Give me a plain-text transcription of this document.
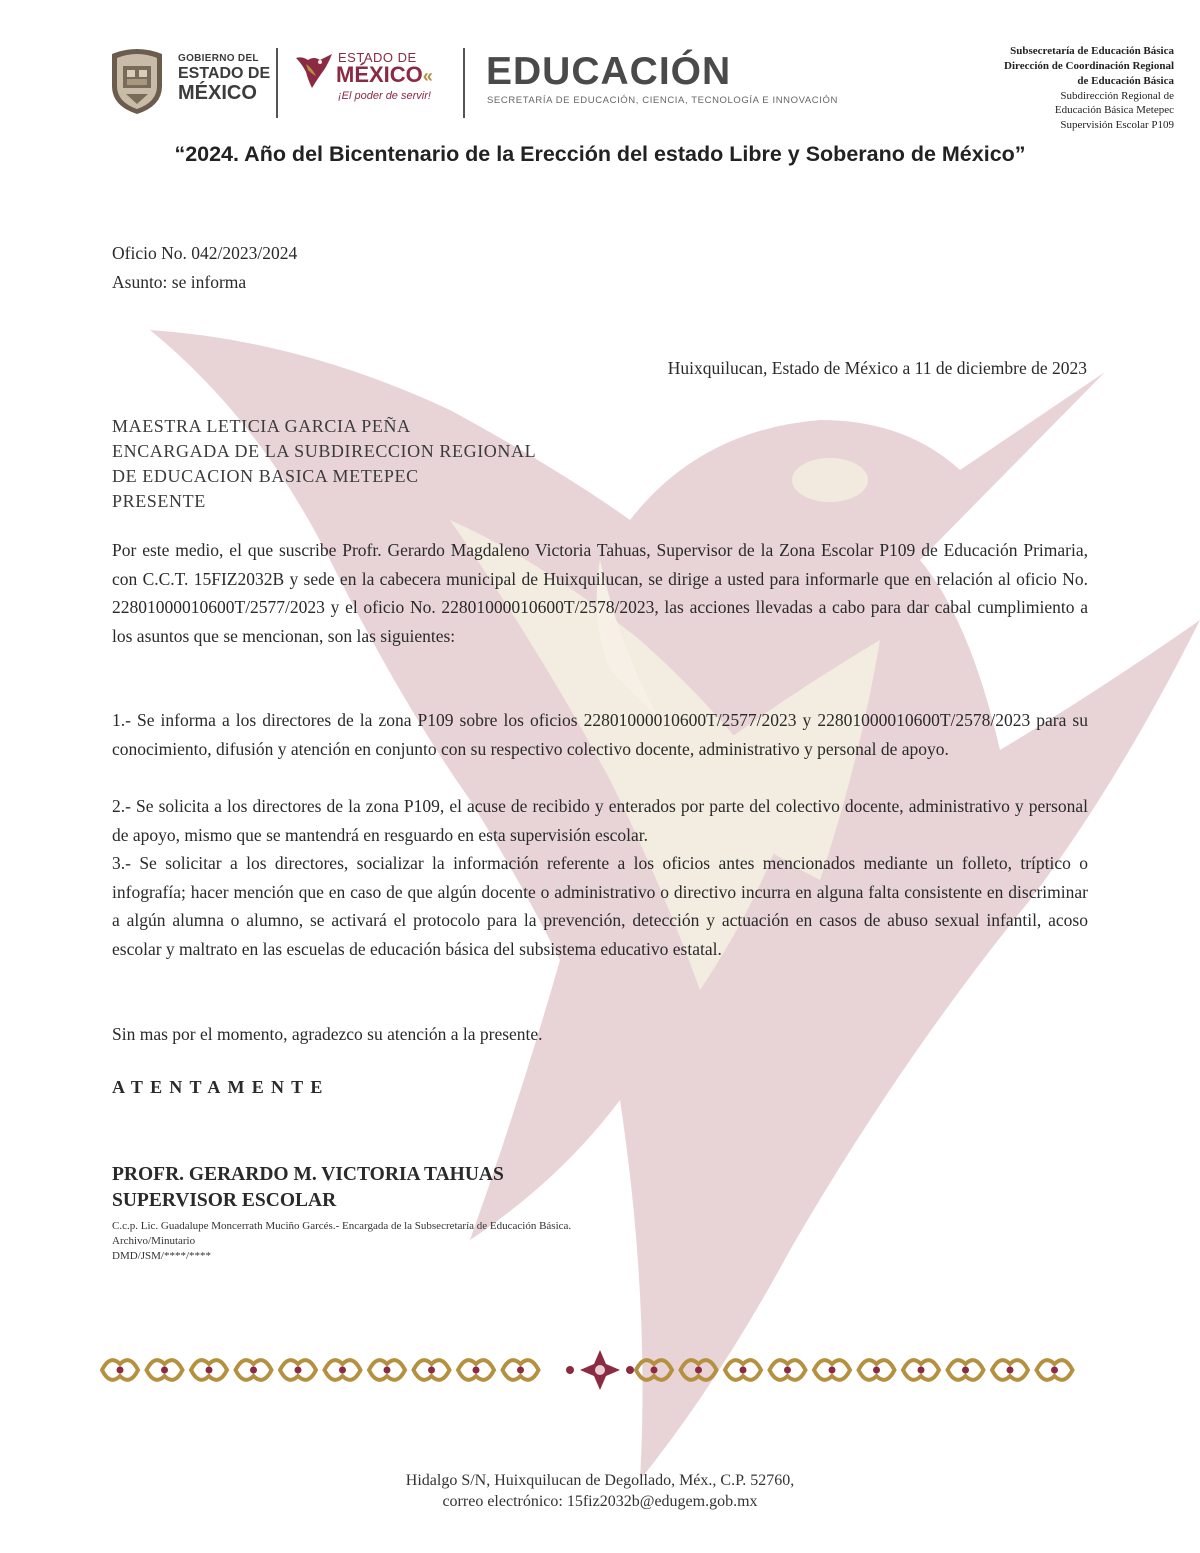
GOBIERNO DEL
ESTADO DE
MÉXICO
ESTADO DE
MÉXICO«
¡El poder de servir!
EDUCACIÓN
SECRETARÍA DE EDUCACIÓN, CIENCIA, TECNOLOGÍA E INNOVACIÓN
Subsecretaría de Educación Básica
Dirección de Coordinación Regional
de Educación Básica
Subdirección Regional de
Educación Básica Metepec
Supervisión Escolar P109
“2024. Año del Bicentenario de la Erección del estado Libre y Soberano de México”
Oficio No. 042/2023/2024
Asunto: se informa
Huixquilucan, Estado de México a 11 de diciembre de 2023
MAESTRA LETICIA GARCIA PEÑA
ENCARGADA DE LA SUBDIRECCION REGIONAL
DE EDUCACION BASICA METEPEC
PRESENTE
Por este medio, el que suscribe Profr. Gerardo Magdaleno Victoria Tahuas, Supervisor de la Zona Escolar P109 de Educación Primaria, con C.C.T. 15FIZ2032B y sede en la cabecera municipal de Huixquilucan, se dirige a usted para informarle que en relación al oficio No. 22801000010600T/2577/2023 y el oficio No. 22801000010600T/2578/2023, las acciones llevadas a cabo para dar cabal cumplimiento a los asuntos que se mencionan, son las siguientes:
1.- Se informa a los directores de la zona P109 sobre los oficios 22801000010600T/2577/2023 y 22801000010600T/2578/2023 para su conocimiento, difusión y atención en conjunto con su respectivo colectivo docente, administrativo y personal de apoyo.
2.- Se solicita a los directores de la zona P109, el acuse de recibido y enterados por parte del colectivo docente, administrativo y personal de apoyo, mismo que se mantendrá en resguardo en esta supervisión escolar.
3.- Se solicitar a los directores, socializar la información referente a los oficios antes mencionados mediante un folleto, tríptico o infografía; hacer mención que en caso de que algún docente o administrativo o directivo incurra en alguna falta consistente en discriminar a algún alumna o alumno, se activará el protocolo para la prevención, detección y actuación en casos de abuso sexual infantil, acoso escolar y maltrato en las escuelas de educación básica del subsistema educativo estatal.
Sin mas por el momento, agradezco su atención a la presente.
ATENTAMENTE
PROFR. GERARDO M. VICTORIA TAHUAS
SUPERVISOR ESCOLAR
C.c.p. Lic. Guadalupe Moncerrath Muciño Garcés.- Encargada de la Subsecretaría de Educación Básica.
Archivo/Minutario
DMD/JSM/****/****
Hidalgo S/N, Huixquilucan de Degollado, Méx., C.P. 52760,
correo electrónico: 15fiz2032b@edugem.gob.mx
